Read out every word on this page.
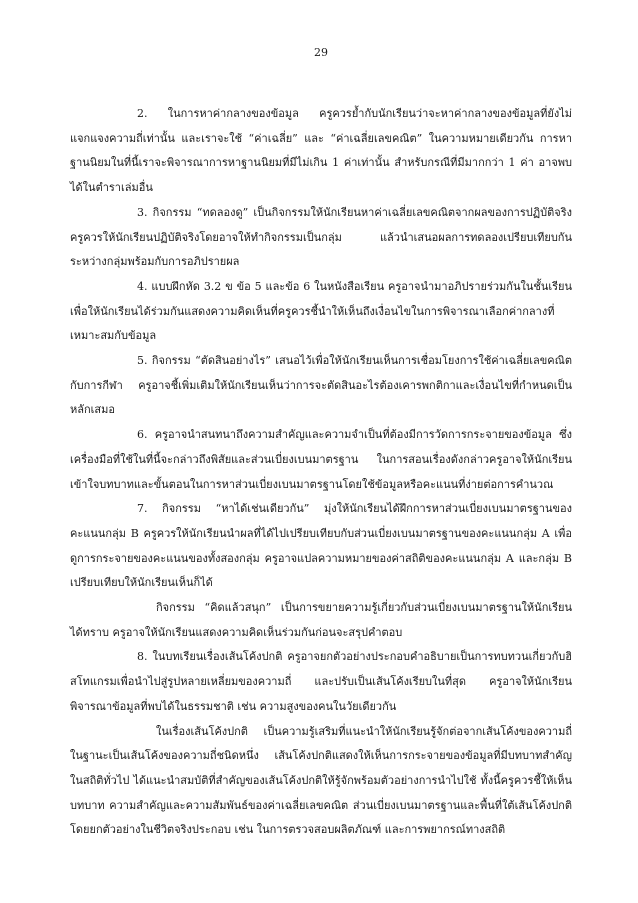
29

2. ในการหาค่ากลางของข้อมูล ครูควรย้ำกับนักเรียนว่าจะหาค่ากลางของข้อมูลที่ยังไม่แจกแจงความถี่เท่านั้น และเราจะใช้ “ค่าเฉลี่ย” และ “ค่าเฉลี่ยเลขคณิต” ในความหมายเดียวกัน การหาฐานนิยมในที่นี้เราจะพิจารณาการหาฐานนิยมที่มีไม่เกิน 1 ค่าเท่านั้น สำหรับกรณีที่มีมากกว่า 1 ค่า อาจพบได้ในตำราเล่มอื่น

3. กิจกรรม “ทดลองดู” เป็นกิจกรรมให้นักเรียนหาค่าเฉลี่ยเลขคณิตจากผลของการปฏิบัติจริง ครูควรให้นักเรียนปฏิบัติจริงโดยอาจให้ทำกิจกรรมเป็นกลุ่ม แล้วนำเสนอผลการทดลองเปรียบเทียบกันระหว่างกลุ่มพร้อมกับการอภิปรายผล

4. แบบฝึกหัด 3.2 ข ข้อ 5 และข้อ 6 ในหนังสือเรียน ครูอาจนำมาอภิปรายร่วมกันในชั้นเรียนเพื่อให้นักเรียนได้ร่วมกันแสดงความคิดเห็นที่ครูควรชี้นำให้เห็นถึงเงื่อนไขในการพิจารณาเลือกค่ากลางที่เหมาะสมกับข้อมูล

5. กิจกรรม “ตัดสินอย่างไร” เสนอไว้เพื่อให้นักเรียนเห็นการเชื่อมโยงการใช้ค่าเฉลี่ยเลขคณิตกับการกีฬา ครูอาจชี้เพิ่มเติมให้นักเรียนเห็นว่าการจะตัดสินอะไรต้องเคารพกติกาและเงื่อนไขที่กำหนดเป็นหลักเสมอ

6. ครูอาจนำสนทนาถึงความสำคัญและความจำเป็นที่ต้องมีการวัดการกระจายของข้อมูล ซึ่งเครื่องมือที่ใช้ในที่นี้จะกล่าวถึงพิสัยและส่วนเบี่ยงเบนมาตรฐาน ในการสอนเรื่องดังกล่าวครูอาจให้นักเรียนเข้าใจบทบาทและขั้นตอนในการหาส่วนเบี่ยงเบนมาตรฐานโดยใช้ข้อมูลหรือคะแนนที่ง่ายต่อการคำนวณ

7. กิจกรรม “หาได้เช่นเดียวกัน” มุ่งให้นักเรียนได้ฝึกการหาส่วนเบี่ยงเบนมาตรฐานของคะแนนกลุ่ม B ครูควรให้นักเรียนนำผลที่ได้ไปเปรียบเทียบกับส่วนเบี่ยงเบนมาตรฐานของคะแนนกลุ่ม A เพื่อดูการกระจายของคะแนนของทั้งสองกลุ่ม ครูอาจแปลความหมายของค่าสถิติของคะแนนกลุ่ม A และกลุ่ม B เปรียบเทียบให้นักเรียนเห็นก็ได้

กิจกรรม “คิดแล้วสนุก” เป็นการขยายความรู้เกี่ยวกับส่วนเบี่ยงเบนมาตรฐานให้นักเรียนได้ทราบ ครูอาจให้นักเรียนแสดงความคิดเห็นร่วมกันก่อนจะสรุปคำตอบ

8. ในบทเรียนเรื่องเส้นโค้งปกติ ครูอาจยกตัวอย่างประกอบคำอธิบายเป็นการทบทวนเกี่ยวกับฮิสโทแกรมเพื่อนำไปสู่รูปหลายเหลี่ยมของความถี่ และปรับเป็นเส้นโค้งเรียบในที่สุด ครูอาจให้นักเรียนพิจารณาข้อมูลที่พบได้ในธรรมชาติ เช่น ความสูงของคนในวัยเดียวกัน

ในเรื่องเส้นโค้งปกติ เป็นความรู้เสริมที่แนะนำให้นักเรียนรู้จักต่อจากเส้นโค้งของความถี่ในฐานะเป็นเส้นโค้งของความถี่ชนิดหนึ่ง เส้นโค้งปกติแสดงให้เห็นการกระจายของข้อมูลที่มีบทบาทสำคัญในสถิติทั่วไป ได้แนะนำสมบัติที่สำคัญของเส้นโค้งปกติให้รู้จักพร้อมตัวอย่างการนำไปใช้ ทั้งนี้ครูควรชี้ให้เห็นบทบาท ความสำคัญและความสัมพันธ์ของค่าเฉลี่ยเลขคณิต ส่วนเบี่ยงเบนมาตรฐานและพื้นที่ใต้เส้นโค้งปกติ โดยยกตัวอย่างในชีวิตจริงประกอบ เช่น ในการตรวจสอบผลิตภัณฑ์ และการพยากรณ์ทางสถิติ
